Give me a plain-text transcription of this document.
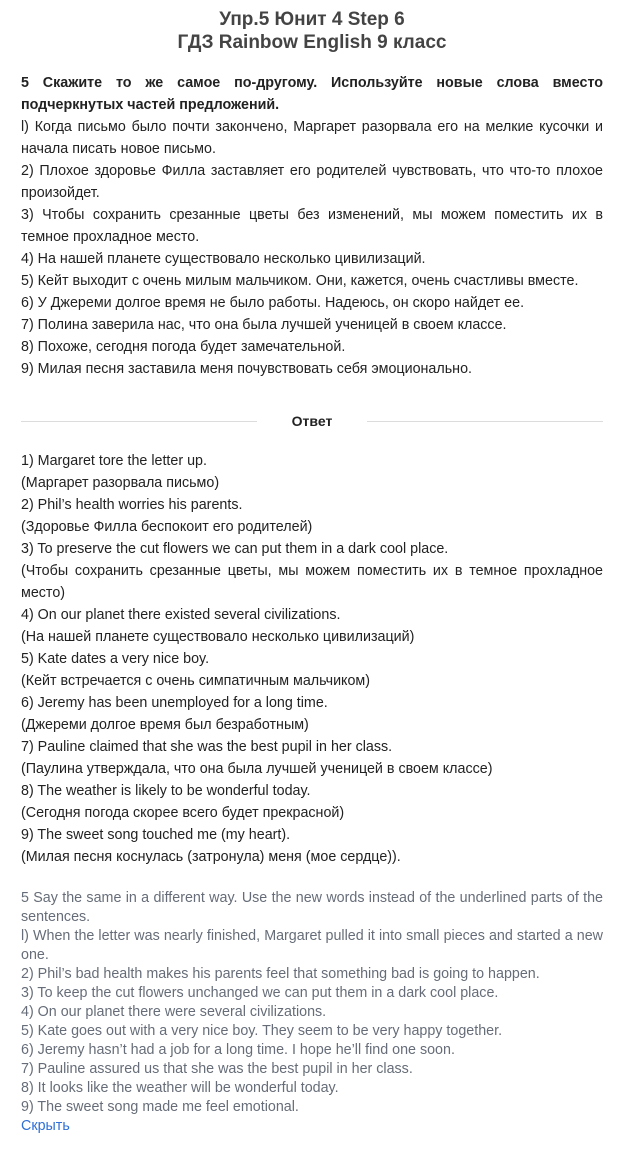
Упр.5 Юнит 4 Step 6
ГДЗ Rainbow English 9 класс

5 Скажите то же самое по-другому. Используйте новые слова вместо подчеркнутых частей предложений.

l) Когда письмо было почти закончено, Маргарет разорвала его на мелкие кусочки и начала писать новое письмо.

2) Плохое здоровье Филла заставляет его родителей чувствовать, что что-то плохое произойдет.

3) Чтобы сохранить срезанные цветы без изменений, мы можем поместить их в темное прохладное место.

4) На нашей планете существовало несколько цивилизаций.

5) Кейт выходит с очень милым мальчиком. Они, кажется, очень счастливы вместе.

6) У Джереми долгое время не было работы. Надеюсь, он скоро найдет ее.

7) Полина заверила нас, что она была лучшей ученицей в своем классе.

8) Похоже, сегодня погода будет замечательной.

9) Милая песня заставила меня почувствовать себя эмоционально.

Ответ

1) Margaret tore the letter up.

(Маргарет разорвала письмо)

2) Phil’s health worries his parents.

(Здоровье Филла беспокоит его родителей)

3) To preserve the cut flowers we can put them in a dark cool place.

(Чтобы сохранить срезанные цветы, мы можем поместить их в темное прохладное место)

4) On our planet there existed several civilizations.

(На нашей планете существовало несколько цивилизаций)

5) Kate dates a very nice boy.

(Кейт встречается с очень симпатичным мальчиком)

6) Jeremy has been unemployed for a long time.

(Джереми долгое время был безработным)

7) Pauline claimed that she was the best pupil in her class.

(Паулина утверждала, что она была лучшей ученицей в своем классе)

8) The weather is likely to be wonderful today.

(Сегодня погода скорее всего будет прекрасной)

9) The sweet song touched me (my heart).

(Милая песня коснулась (затронула) меня (мое сердце)).

5 Say the same in a different way. Use the new words instead of the underlined parts of the sentences.

l) When the letter was nearly finished, Margaret pulled it into small pieces and started a new one.

2) Phil’s bad health makes his parents feel that something bad is going to happen.

3) To keep the cut flowers unchanged we can put them in a dark cool place.

4) On our planet there were several civilizations.

5) Kate goes out with a very nice boy. They seem to be very happy together.

6) Jeremy hasn’t had a job for a long time. I hope he’ll find one soon.

7) Pauline assured us that she was the best pupil in her class.

8) It looks like the weather will be wonderful today.

9) The sweet song made me feel emotional.

Скрыть
